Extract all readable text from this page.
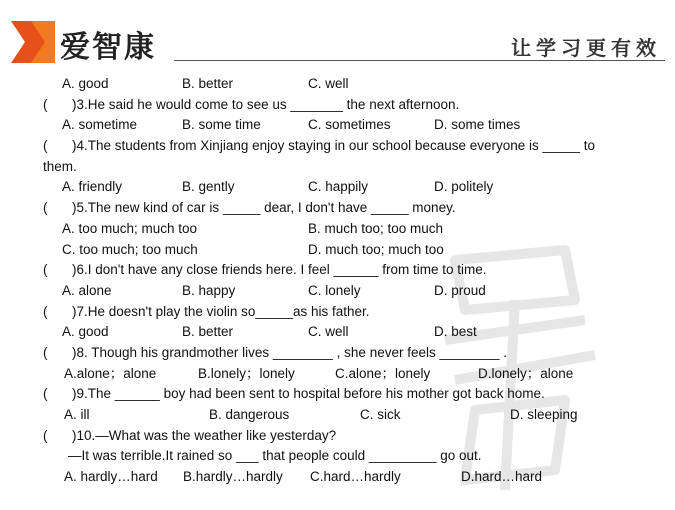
爱智康	让学习更有效
A. good	B. better	C. well
( )3.He said he would come to see us _______ the next afternoon.
A. sometime	B. some time	C. sometimes	D. some times
( )4.The students from Xinjiang enjoy staying in our school because everyone is _____ to
them.
A. friendly	B. gently	C. happily	D. politely
( )5.The new kind of car is _____ dear, I don't have _____ money.
A. too much; much too	B. much too; too much
C. too much; too much	D. much too; much too
( )6.I don't have any close friends here. I feel ______ from time to time.
A. alone	B. happy	C. lonely	D. proud
( )7.He doesn't play the violin so_____as his father.
A. good	B. better	C. well	D. best
( )8. Though his grandmother lives ________ , she never feels ________ .
A.alone；alone	B.lonely；lonely	C.alone；lonely	D.lonely；alone
( )9.The ______ boy had been sent to hospital before his mother got back home.
A. ill	B. dangerous	C. sick	D. sleeping
( )10.—What was the weather like yesterday?
—It was terrible.It rained so ___ that people could _________ go out.
A. hardly…hard B.hardly…hardly C.hard…hardly	D.hard…hard
